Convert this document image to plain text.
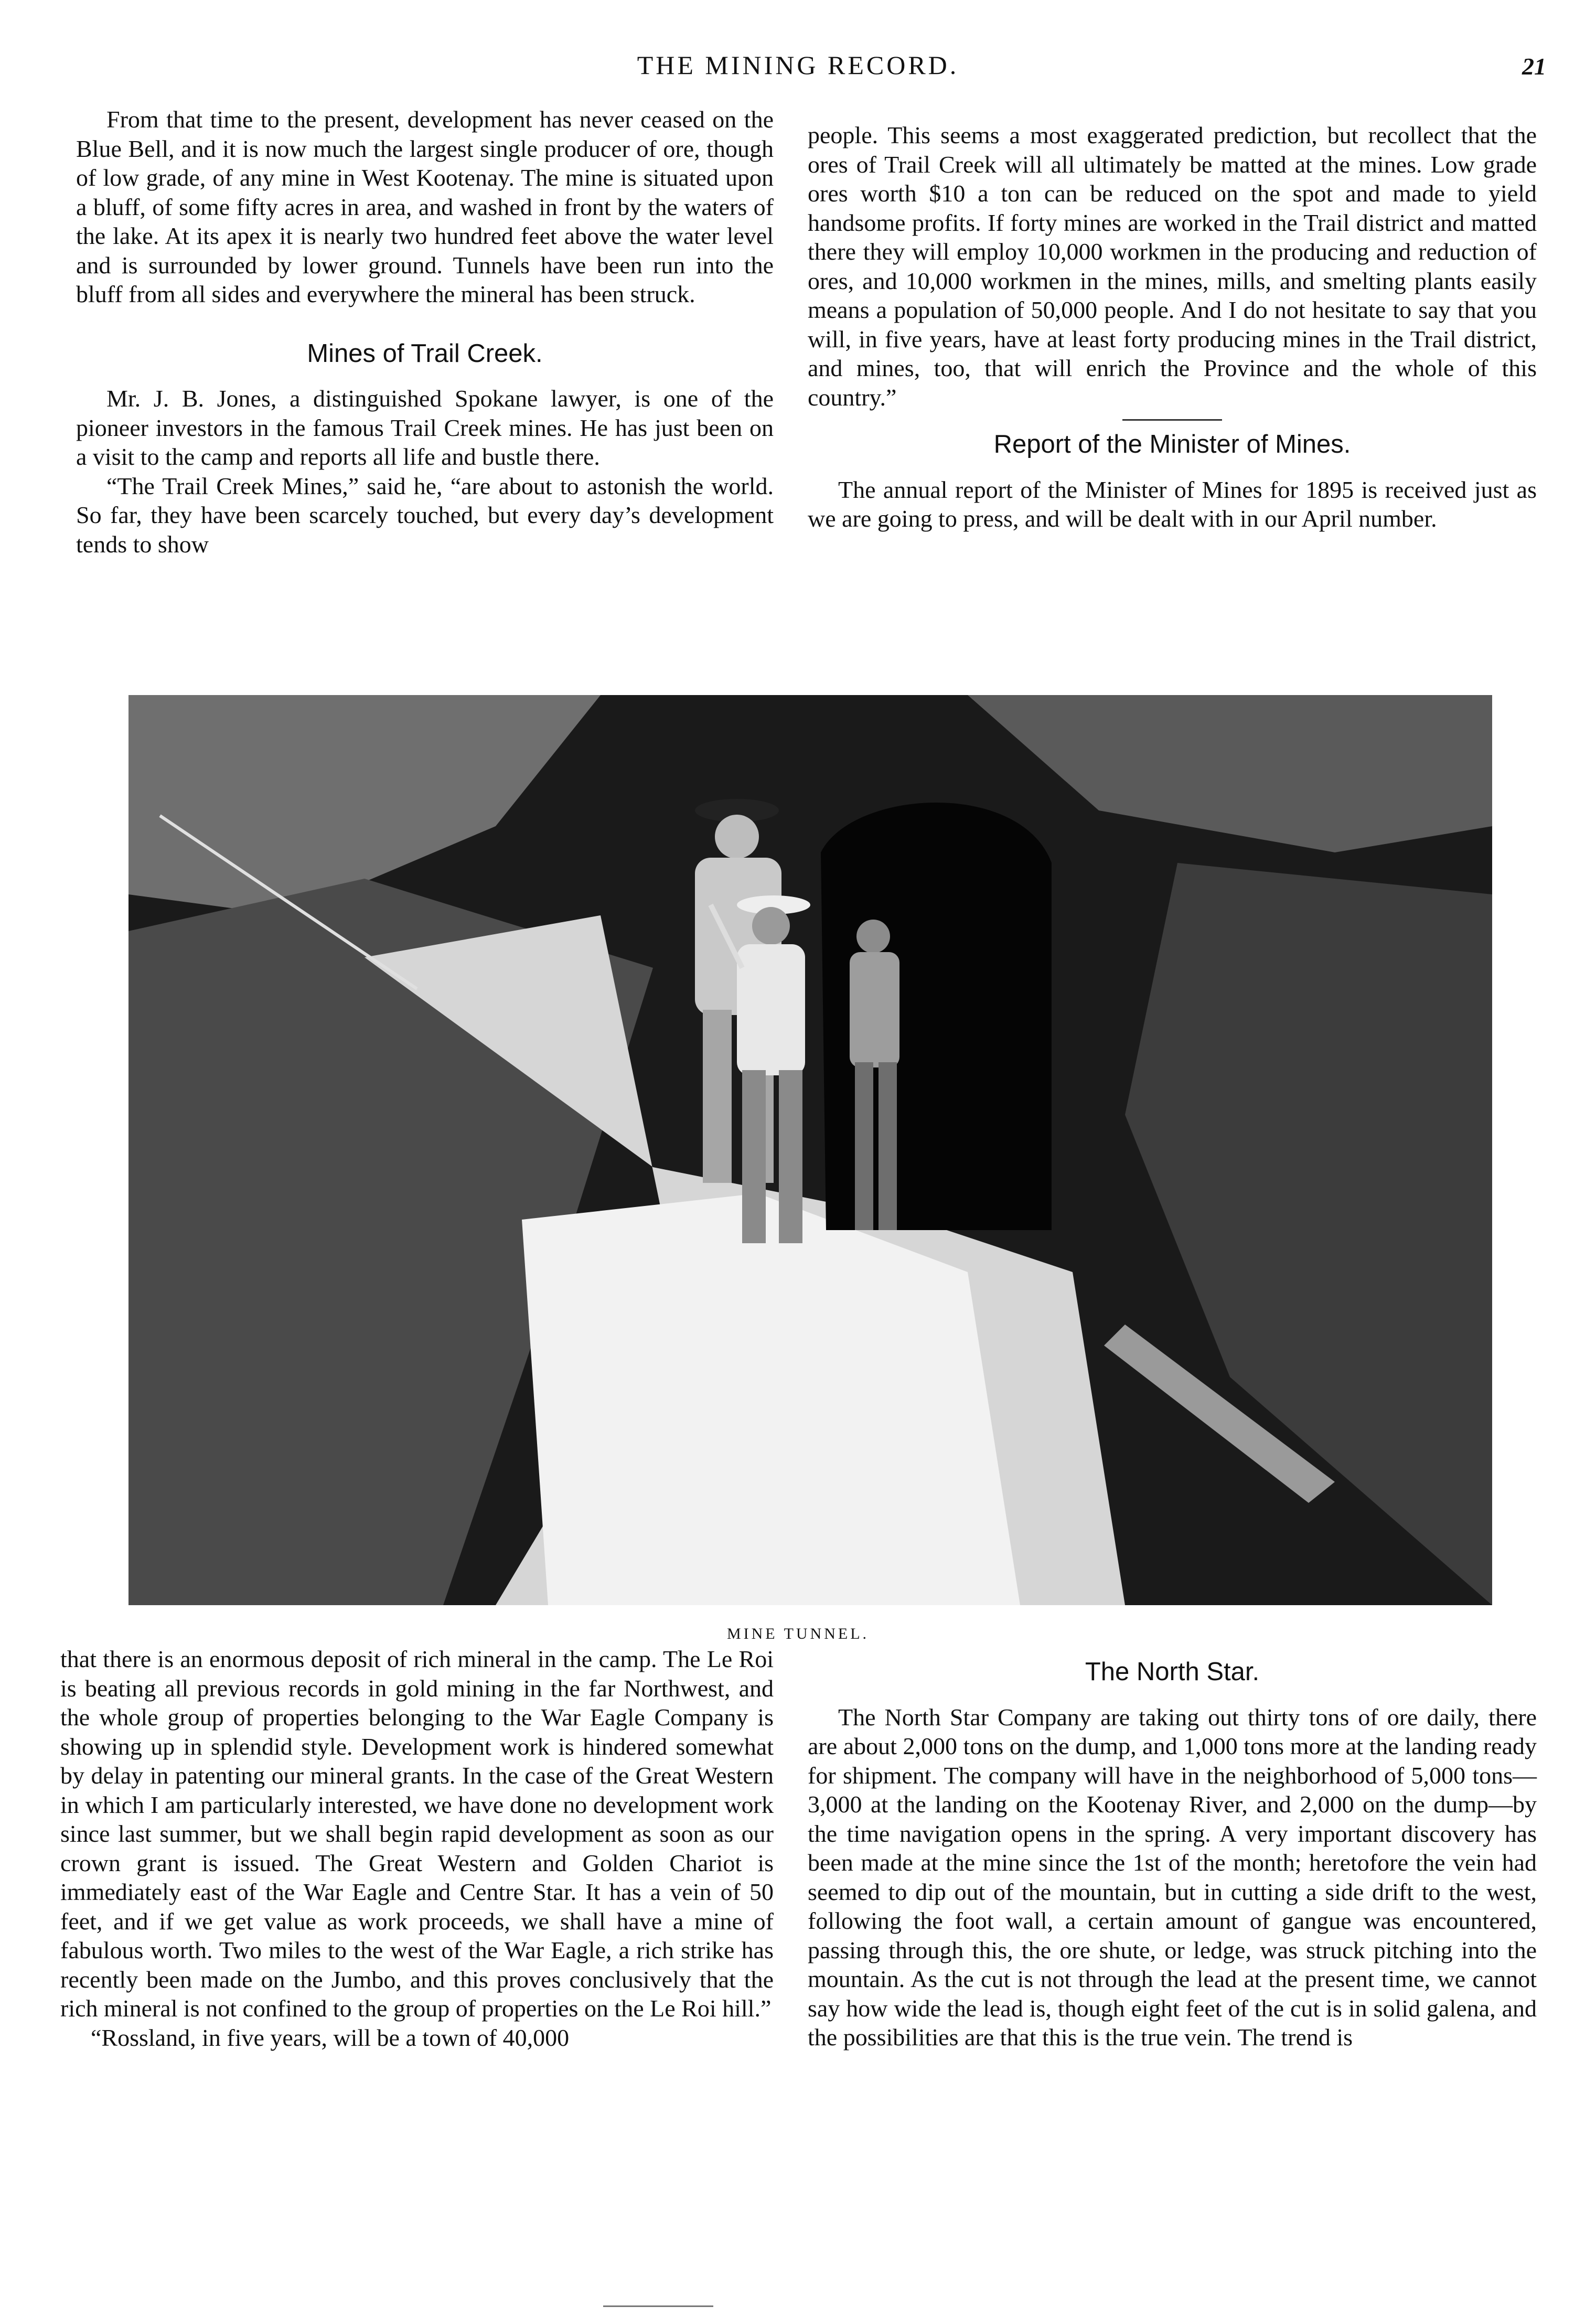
THE MINING RECORD.	21

From that time to the present, development has never ceased on the Blue Bell, and it is now much the largest single producer of ore, though of low grade, of any mine in West Kootenay. The mine is situated upon a bluff, of some fifty acres in area, and washed in front by the waters of the lake. At its apex it is nearly two hundred feet above the water level and is surrounded by lower ground. Tunnels have been run into the bluff from all sides and everywhere the mineral has been struck.

Mines of Trail Creek.

Mr. J. B. Jones, a distinguished Spokane lawyer, is one of the pioneer investors in the famous Trail Creek mines. He has just been on a visit to the camp and reports all life and bustle there.

“The Trail Creek Mines,” said he, “are about to astonish the world. So far, they have been scarcely touched, but every day’s development tends to show

people. This seems a most exaggerated prediction, but recollect that the ores of Trail Creek will all ultimately be matted at the mines. Low grade ores worth $10 a ton can be reduced on the spot and made to yield handsome profits. If forty mines are worked in the Trail district and matted there they will employ 10,000 workmen in the producing and reduction of ores, and 10,000 workmen in the mines, mills, and smelting plants easily means a population of 50,000 people. And I do not hesitate to say that you will, in five years, have at least forty producing mines in the Trail district, and mines, too, that will enrich the Province and the whole of this country.”

Report of the Minister of Mines.

The annual report of the Minister of Mines for 1895 is received just as we are going to press, and will be dealt with in our April number.

MINE TUNNEL.

that there is an enormous deposit of rich mineral in the camp. The Le Roi is beating all previous records in gold mining in the far Northwest, and the whole group of properties belonging to the War Eagle Company is showing up in splendid style. Development work is hindered somewhat by delay in patenting our mineral grants. In the case of the Great Western in which I am particularly interested, we have done no development work since last summer, but we shall begin rapid development as soon as our crown grant is issued. The Great Western and Golden Chariot is immediately east of the War Eagle and Centre Star. It has a vein of 50 feet, and if we get value as work proceeds, we shall have a mine of fabulous worth. Two miles to the west of the War Eagle, a rich strike has recently been made on the Jumbo, and this proves conclusively that the rich mineral is not confined to the group of properties on the Le Roi hill.”

“Rossland, in five years, will be a town of 40,000

The North Star.

The North Star Company are taking out thirty tons of ore daily, there are about 2,000 tons on the dump, and 1,000 tons more at the landing ready for shipment. The company will have in the neighborhood of 5,000 tons— 3,000 at the landing on the Kootenay River, and 2,000 on the dump—by the time navigation opens in the spring. A very important discovery has been made at the mine since the 1st of the month; heretofore the vein had seemed to dip out of the mountain, but in cutting a side drift to the west, following the foot wall, a certain amount of gangue was encountered, passing through this, the ore shute, or ledge, was struck pitching into the mountain. As the cut is not through the lead at the present time, we cannot say how wide the lead is, though eight feet of the cut is in solid galena, and the possibilities are that this is the true vein. The trend is
